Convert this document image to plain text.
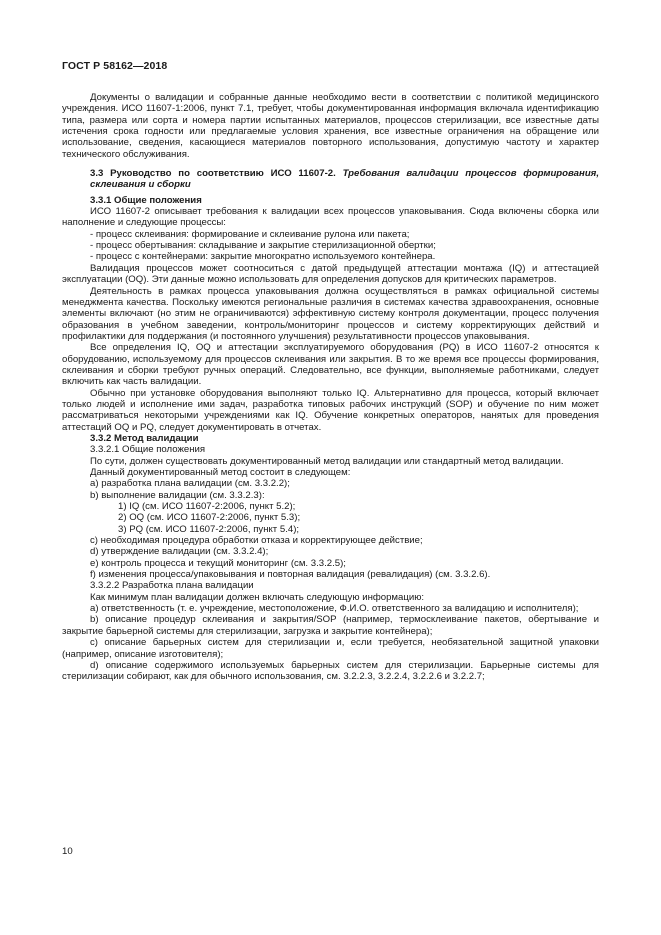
ГОСТ Р 58162—2018

Документы о валидации и собранные данные необходимо вести в соответствии с политикой медицинского учреждения. ИСО 11607-1:2006, пункт 7.1, требует, чтобы документированная информация включала идентификацию типа, размера или сорта и номера партии испытанных материалов, процессов стерилизации, все известные даты истечения срока годности или предлагаемые условия хранения, все известные ограничения на обращение или использование, сведения, касающиеся материалов повторного использования, допустимую частоту и характер технического обслуживания.

3.3 Руководство по соответствию ИСО 11607-2. Требования валидации процессов формирования, склеивания и сборки

3.3.1 Общие положения

ИСО 11607-2 описывает требования к валидации всех процессов упаковывания. Сюда включены сборка или наполнение и следующие процессы:

- процесс склеивания: формирование и склеивание рулона или пакета;

- процесс обертывания: складывание и закрытие стерилизационной обертки;

- процесс с контейнерами: закрытие многократно используемого контейнера.

Валидация процессов может соотноситься с датой предыдущей аттестации монтажа (IQ) и аттестацией эксплуатации (OQ). Эти данные можно использовать для определения допусков для критических параметров.

Деятельность в рамках процесса упаковывания должна осуществляться в рамках официальной системы менеджмента качества. Поскольку имеются региональные различия в системах качества здравоохранения, основные элементы включают (но этим не ограничиваются) эффективную систему контроля документации, процесс получения образования в учебном заведении, контроль/мониторинг процессов и систему корректирующих действий и профилактики для поддержания (и постоянного улучшения) результативности процессов упаковывания.

Все определения IQ, OQ и аттестации эксплуатируемого оборудования (PQ) в ИСО 11607-2 относятся к оборудованию, используемому для процессов склеивания или закрытия. В то же время все процессы формирования, склеивания и сборки требуют ручных операций. Следовательно, все функции, выполняемые работниками, следует включить как часть валидации.

Обычно при установке оборудования выполняют только IQ. Альтернативно для процесса, который включает только людей и исполнение ими задач, разработка типовых рабочих инструкций (SOP) и обучение по ним может рассматриваться некоторыми учреждениями как IQ. Обучение конкретных операторов, нанятых для проведения аттестаций OQ и PQ, следует документировать в отчетах.

3.3.2 Метод валидации

3.3.2.1 Общие положения

По сути, должен существовать документированный метод валидации или стандартный метод валидации.

Данный документированный метод состоит в следующем:

a) разработка плана валидации (см. 3.3.2.2);

b) выполнение валидации (см. 3.3.2.3):

1) IQ (см. ИСО 11607-2:2006, пункт 5.2);

2) OQ (см. ИСО 11607-2:2006, пункт 5.3);

3) PQ (см. ИСО 11607-2:2006, пункт 5.4);

c) необходимая процедура обработки отказа и корректирующее действие;

d) утверждение валидации (см. 3.3.2.4);

e) контроль процесса и текущий мониторинг (см. 3.3.2.5);

f) изменения процесса/упаковывания и повторная валидация (ревалидация) (см. 3.3.2.6).

3.3.2.2 Разработка плана валидации

Как минимум план валидации должен включать следующую информацию:

a) ответственность (т. е. учреждение, местоположение, Ф.И.О. ответственного за валидацию и исполнителя);

b) описание процедур склеивания и закрытия/SOP (например, термосклеивание пакетов, обертывание и закрытие барьерной системы для стерилизации, загрузка и закрытие контейнера);

c) описание барьерных систем для стерилизации и, если требуется, необязательной защитной упаковки (например, описание изготовителя);

d) описание содержимого используемых барьерных систем для стерилизации. Барьерные системы для стерилизации собирают, как для обычного использования, см. 3.2.2.3, 3.2.2.4, 3.2.2.6 и 3.2.2.7;

10
